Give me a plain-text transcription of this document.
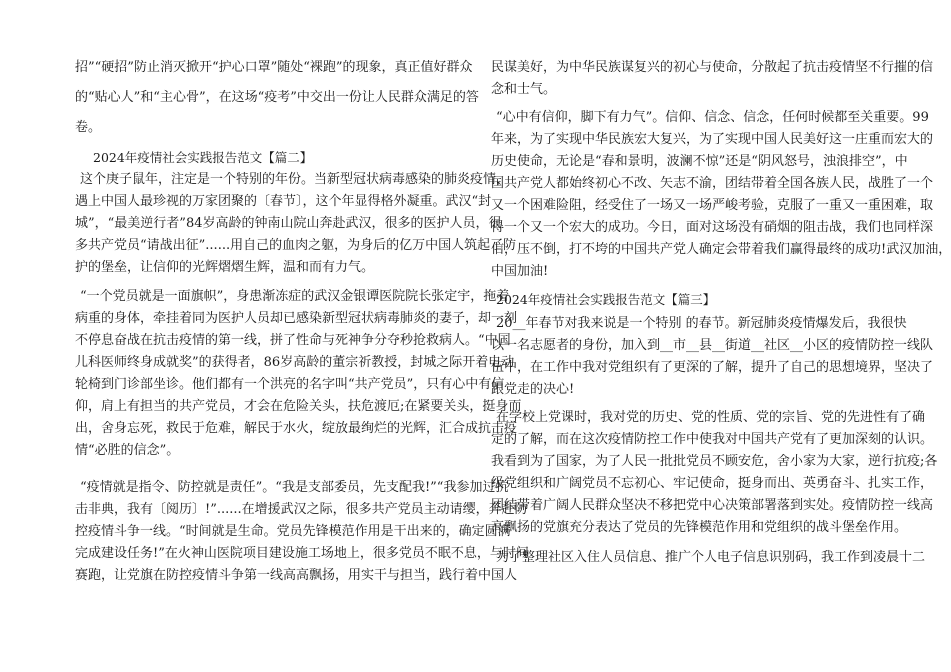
招”“硬招”防止消灭掀开“护心口罩”随处“裸跑”的现象，真正值好群众
的“贴心人”和“主心骨”，在这场“疫考”中交出一份让人民群众满足的答
卷。
2024年疫情社会实践报告范文【篇二】
这个庚子鼠年，注定是一个特别的年份。当新型冠状病毒感染的肺炎疫情，
遇上中国人最珍视的万家团聚的〔春节〕，这个年显得格外凝重。武汉“封
城”，“最美逆行者”84岁高龄的钟南山院山奔赴武汉，很多的医护人员，很
多共产党员“请战出征”......用自己的血肉之躯，为身后的亿万中国人筑起了防
护的堡垒，让信仰的光辉熠熠生辉，温和而有力气。
“一个党员就是一面旗帜”，身患渐冻症的武汉金银谭医院院长张定宇，拖着
病重的身体，牵挂着同为医护人员却已感染新型冠状病毒肺炎的妻子，却一刻
不停息奋战在抗击疫情的第一线，拼了性命与死神争分夺秒抢救病人。“中国
儿科医师终身成就奖”的获得者，86岁高龄的董宗祈教授，封城之际开着电动
轮椅到门诊部坐诊。他们都有一个洪亮的名字叫“共产党员”，只有心中有信
仰，肩上有担当的共产党员，才会在危险关头，扶危渡厄;在紧要关头，挺身而
出，舍身忘死，救民于危难，解民于水火，绽放最绚烂的光辉，汇合成抗击疫
情“必胜的信念”。
“疫情就是指令、防控就是责任”。“我是支部委员，先支配我!”“我参加过抗
击非典，我有〔阅历〕!”......在增援武汉之际，很多共产党员主动请缨，奔赴防
控疫情斗争一线。“时间就是生命。党员先锋模范作用是干出来的，确定圆满
完成建设任务!”在火神山医院项目建设施工场地上，很多党员不眠不息，与时间
赛跑，让党旗在防控疫情斗争第一线高高飘扬，用实干与担当，践行着中国人
民谋美好，为中华民族谋复兴的初心与使命，分散起了抗击疫情坚不行摧的信
念和士气。
“心中有信仰，脚下有力气”。信仰、信念、信念，任何时候都至关重要。99
年来，为了实现中华民族宏大复兴，为了实现中国人民美好这一庄重而宏大的
历史使命，无论是“春和景明，波澜不惊”还是“阴风怒号，浊浪排空”，中
国共产党人都始终初心不改、矢志不渝，团结带着全国各族人民，战胜了一个
又一个困难险阻，经受住了一场又一场严峻考验，克服了一重又一重困难，取
得一个又一个宏大的成功。今日，面对这场没有硝烟的阻击战，我们也同样深
信，压不倒，打不垮的中国共产党人确定会带着我们赢得最终的成功!武汉加油，
中国加油!
2024年疫情社会实践报告范文【篇三】
20__年春节对我来说是一个特别 的春节。新冠肺炎疫情爆发后，我很快
以一名志愿者的身份，加入到__市__县__街道__社区__小区的疫情防控一线队
伍中，在工作中我对党组织有了更深的了解，提升了自己的思想境界，坚决了
跟党走的决心!
在学校上党课时，我对党的历史、党的性质、党的宗旨、党的先进性有了确
定的了解，而在这次疫情防控工作中使我对中国共产党有了更加深刻的认识。
我看到为了国家，为了人民一批批党员不顾安危，舍小家为大家，逆行抗疫;各
级党组织和广阔党员不忘初心、牢记使命，挺身而出、英勇奋斗、扎实工作，
团结带着广阔人民群众坚决不移把党中心决策部署落到实处。疫情防控一线高
高飘扬的党旗充分表达了党员的先锋模范作用和党组织的战斗堡垒作用。
为了整理社区入住人员信息、推广个人电子信息识别码，我工作到凌晨十二
